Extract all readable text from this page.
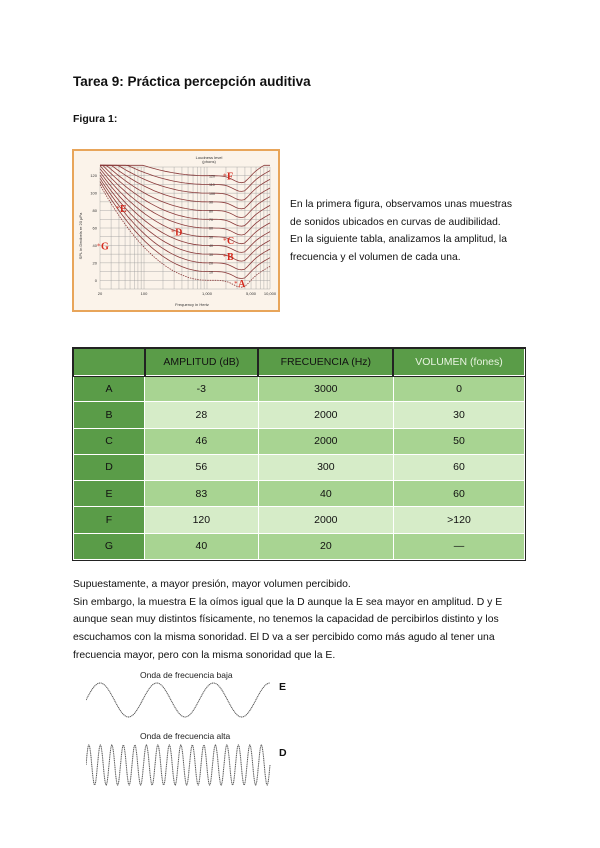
Tarea 9: Práctica percepción auditiva
Figura 1:
Loudness level
(phons)
120
100
80
60
40
20
0
20	100	1,000	5,000 10,000
120
110
100
90
80
70
60
50
40
30
20
10
* F
* E
* D
* G
* C
* B
* A
SPL in Decibels re 20 μPa
Frequency in Hertz
En la primera figura, observamos unas muestras
de sonidos ubicados en curvas de audibilidad.
En la siguiente tabla, analizamos la amplitud, la
frecuencia y el volumen de cada una.
	AMPLITUD (dB)	FRECUENCIA (Hz)	VOLUMEN (fones)
A	-3	3000	0
B	28	2000	30
C	46	2000	50
D	56	300	60
E	83	40	60
F	120	2000	>120
G	40	20	—
Supuestamente, a mayor presión, mayor volumen percibido.
Sin embargo, la muestra E la oímos igual que la D aunque la E sea mayor en amplitud. D y E
aunque sean muy distintos físicamente, no tenemos la capacidad de percibirlos distinto y los
escuchamos con la misma sonoridad. El D va a ser percibido como más agudo al tener una
frecuencia mayor, pero con la misma sonoridad que la E.
Onda de frecuencia baja
E
Onda de frecuencia alta
D
